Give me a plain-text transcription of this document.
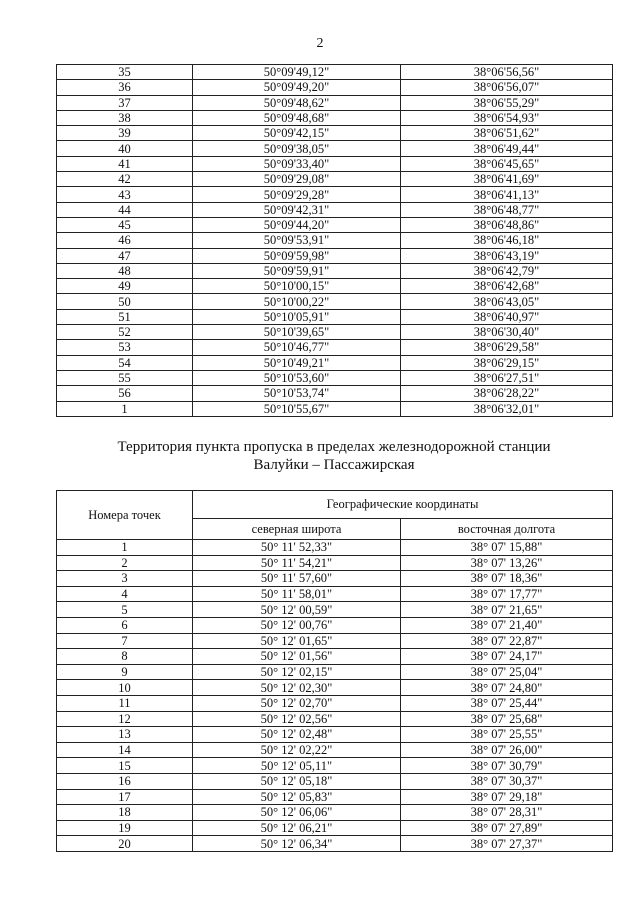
2
35	50°09'49,12"	38°06'56,56"
36	50°09'49,20"	38°06'56,07"
37	50°09'48,62"	38°06'55,29"
38	50°09'48,68"	38°06'54,93"
39	50°09'42,15"	38°06'51,62"
40	50°09'38,05"	38°06'49,44"
41	50°09'33,40"	38°06'45,65"
42	50°09'29,08"	38°06'41,69"
43	50°09'29,28"	38°06'41,13"
44	50°09'42,31"	38°06'48,77"
45	50°09'44,20"	38°06'48,86"
46	50°09'53,91"	38°06'46,18"
47	50°09'59,98"	38°06'43,19"
48	50°09'59,91"	38°06'42,79"
49	50°10'00,15"	38°06'42,68"
50	50°10'00,22"	38°06'43,05"
51	50°10'05,91"	38°06'40,97"
52	50°10'39,65"	38°06'30,40"
53	50°10'46,77"	38°06'29,58"
54	50°10'49,21"	38°06'29,15"
55	50°10'53,60"	38°06'27,51"
56	50°10'53,74"	38°06'28,22"
1	50°10'55,67"	38°06'32,01"
Территория пункта пропуска в пределах железнодорожной станции
Валуйки – Пассажирская
Номера точек	Географические координаты	
	северная широта	восточная долгота
1	50° 11' 52,33"	38° 07' 15,88"
2	50° 11' 54,21"	38° 07' 13,26"
3	50° 11' 57,60"	38° 07' 18,36"
4	50° 11' 58,01"	38° 07' 17,77"
5	50° 12' 00,59"	38° 07' 21,65"
6	50° 12' 00,76"	38° 07' 21,40"
7	50° 12' 01,65"	38° 07' 22,87"
8	50° 12' 01,56"	38° 07' 24,17"
9	50° 12' 02,15"	38° 07' 25,04"
10	50° 12' 02,30"	38° 07' 24,80"
11	50° 12' 02,70"	38° 07' 25,44"
12	50° 12' 02,56"	38° 07' 25,68"
13	50° 12' 02,48"	38° 07' 25,55"
14	50° 12' 02,22"	38° 07' 26,00"
15	50° 12' 05,11"	38° 07' 30,79"
16	50° 12' 05,18"	38° 07' 30,37"
17	50° 12' 05,83"	38° 07' 29,18"
18	50° 12' 06,06"	38° 07' 28,31"
19	50° 12' 06,21"	38° 07' 27,89"
20	50° 12' 06,34"	38° 07' 27,37"
